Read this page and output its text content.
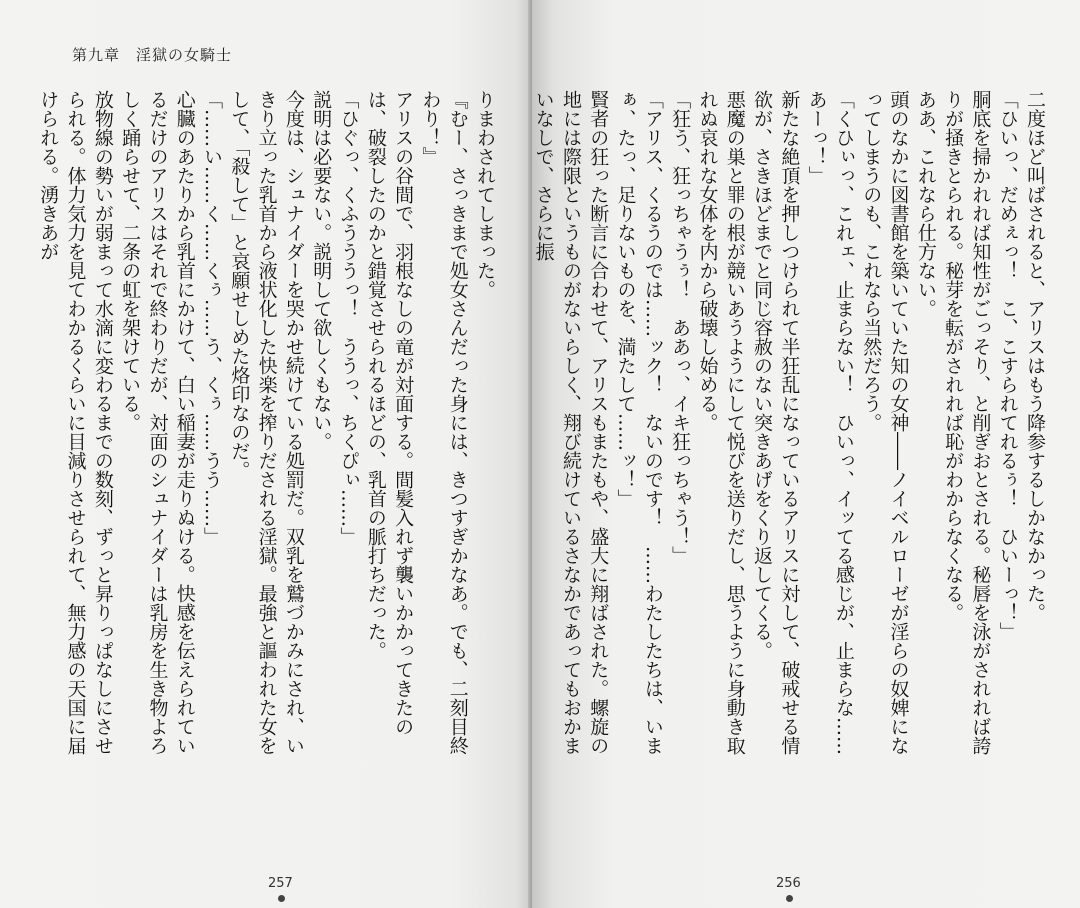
第九章　淫獄の女騎士

りまわされてしまった。

『むー、さっきまで処女さんだった身には、きつすぎかなあ。でも、二刻目終わり！』

アリスの谷間で、羽根なしの竜が対面する。間髪入れず襲いかかってきたのは、破裂したのかと錯覚させられるほどの、乳首の脈打ちだった。

「ひぐっ、くふうううっ！　ううっ、ちくぴぃ……」

説明は必要ない。説明して欲しくもない。

今度は、シュナイダーを哭かせ続けている処罰だ。双乳を鷲づかみにされ、いきり立った乳首から液状化した快楽を搾りだされる淫獄。最強と謳われた女をして、「殺して」と哀願せしめた烙印なのだ。

「……い……く……くぅ……う、くぅ……うう……」

心臓のあたりから乳首にかけて、白い稲妻が走りぬける。快感を伝えられているだけのアリスはそれで終わりだが、対面のシュナイダーは乳房を生き物よろしく踊らせて、二条の虹を架けている。

放物線の勢いが弱まって水滴に変わるまでの数刻、ずっと昇りっぱなしにさせられる。体力気力を見てわかるくらいに目減りさせられて、無力感の天国に届けられる。湧きあが

257

二度ほど叫ばされると、アリスはもう降参するしかなかった。

「ひいっ、だめぇっ！　こ、こすられてれるぅ！　ひいーっ！」

胴底を掃かれれば知性がごっそり、と削ぎおとされる。秘唇を泳がされれば誇りが掻きとられる。秘芽を転がされれば恥がわからなくなる。

ああ、これなら仕方ない。

頭のなかに図書館を築いていた知の女神――ノイベルローゼが淫らの奴婢になってしまうのも、これなら当然だろう。

「くひぃっ、これェ、止まらない！　ひいっ、イッてる感じが、止まらな……あーっ！」

新たな絶頂を押しつけられて半狂乱になっているアリスに対して、破戒せる情欲が、さきほどまでと同じ容赦のない突きあげをくり返してくる。

悪魔の巣と罪の根が競いあうようにして悦びを送りだし、思うように身動き取れぬ哀れな女体を内から破壊し始める。

「狂う、狂っちゃうぅ！　ああっ、イキ狂っちゃう！」

「アリス、くるうのでは……ック！　ないのです！　……わたしたちは、いまぁ、たっ、足りないものを、満たして……ッ！」

賢者の狂った断言に合わせて、アリスもまたもや、盛大に翔ばされた。螺旋の地には際限というものがないらしく、翔び続けているさなかであってもおかまいなしで、さらに振

256
